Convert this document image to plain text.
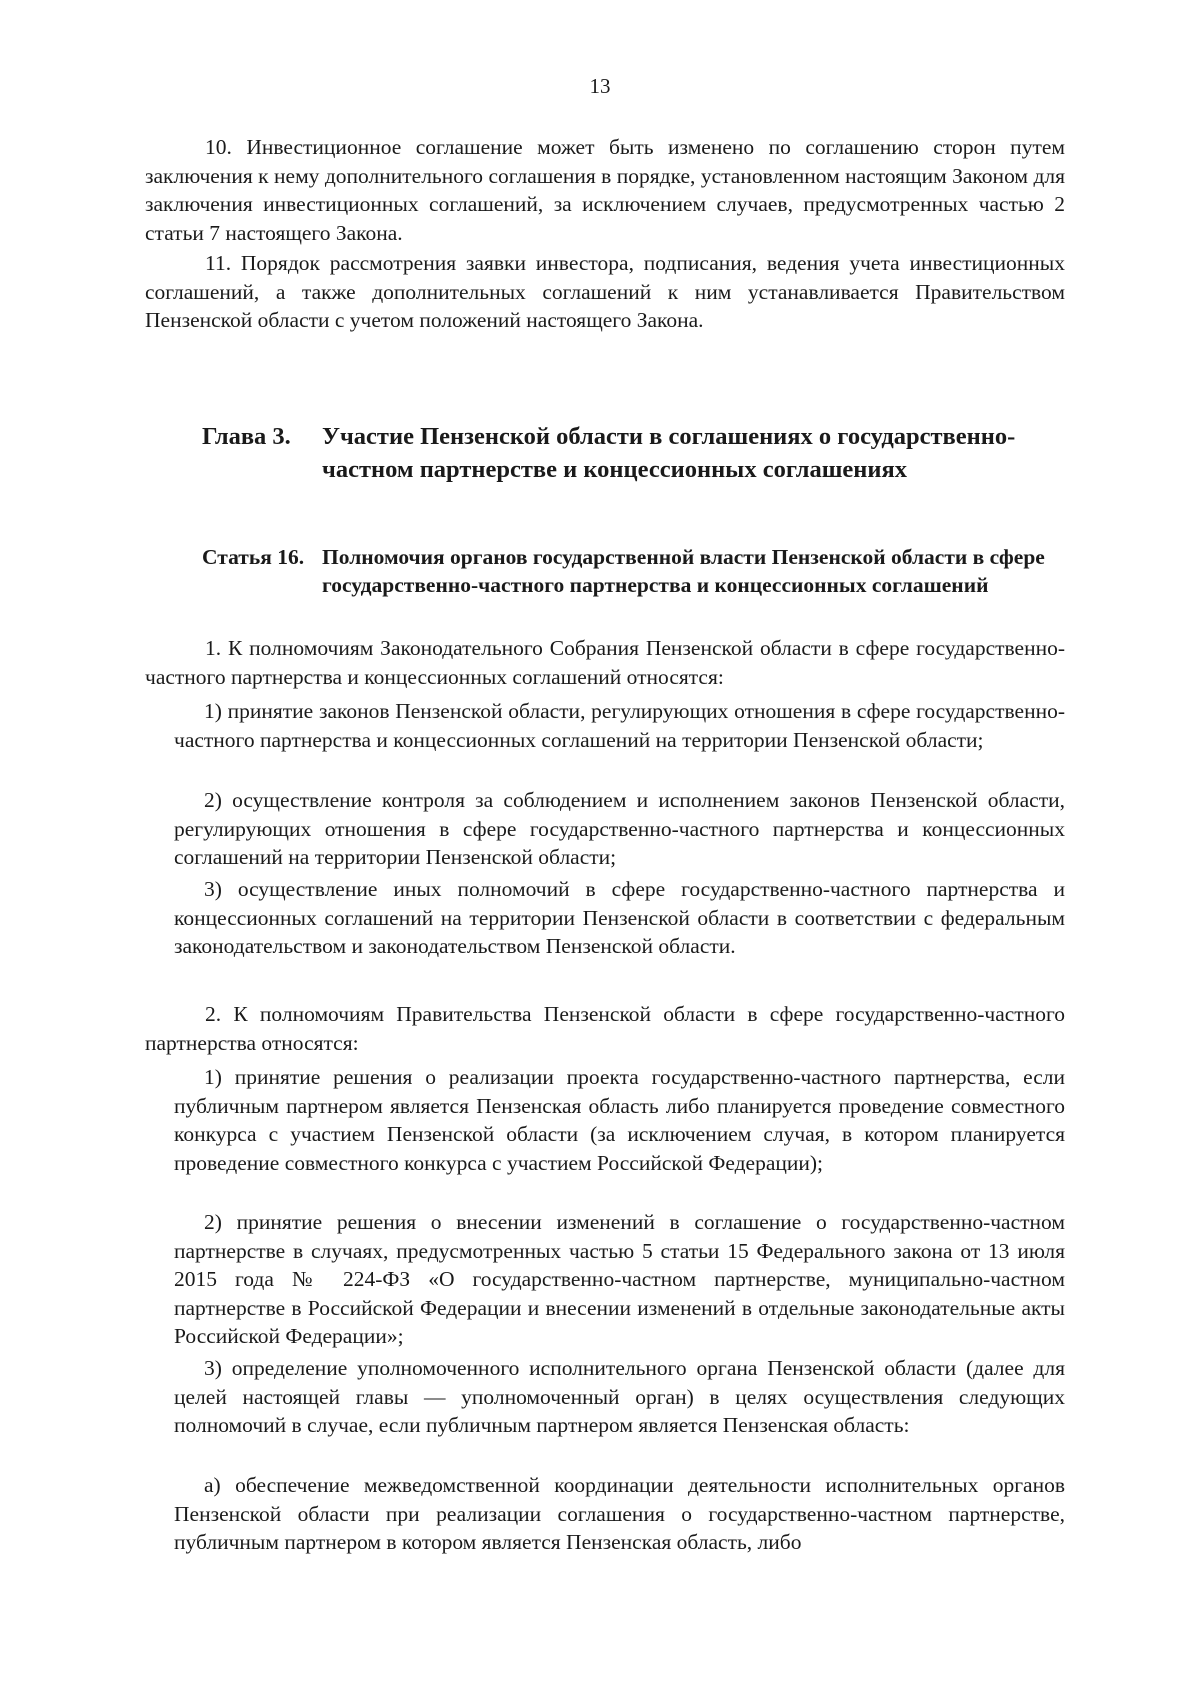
13
10. Инвестиционное соглашение может быть изменено по соглашению сторон путем заключения к нему дополнительного соглашения в порядке, установленном настоящим Законом для заключения инвестиционных соглашений, за исключением случаев, предусмотренных частью 2 статьи 7 настоящего Закона.
11. Порядок рассмотрения заявки инвестора, подписания, ведения учета инвестиционных соглашений, а также дополнительных соглашений к ним устанавливается Правительством Пензенской области с учетом положений настоящего Закона.
Глава 3. Участие Пензенской области в соглашениях о государственно-частном партнерстве и концессионных соглашениях
Статья 16. Полномочия органов государственной власти Пензенской области в сфере государственно-частного партнерства и концессионных соглашений
1. К полномочиям Законодательного Собрания Пензенской области в сфере государственно-частного партнерства и концессионных соглашений относятся:
1) принятие законов Пензенской области, регулирующих отношения в сфере государственно-частного партнерства и концессионных соглашений на территории Пензенской области;
2) осуществление контроля за соблюдением и исполнением законов Пензенской области, регулирующих отношения в сфере государственно-частного партнерства и концессионных соглашений на территории Пензенской области;
3) осуществление иных полномочий в сфере государственно-частного партнерства и концессионных соглашений на территории Пензенской области в соответствии с федеральным законодательством и законодательством Пензенской области.
2. К полномочиям Правительства Пензенской области в сфере государственно-частного партнерства относятся:
1) принятие решения о реализации проекта государственно-частного партнерства, если публичным партнером является Пензенская область либо планируется проведение совместного конкурса с участием Пензенской области (за исключением случая, в котором планируется проведение совместного конкурса с участием Российской Федерации);
2) принятие решения о внесении изменений в соглашение о государственно-частном партнерстве в случаях, предусмотренных частью 5 статьи 15 Федерального закона от 13 июля 2015 года № 224-ФЗ «О государственно-частном партнерстве, муниципально-частном партнерстве в Российской Федерации и внесении изменений в отдельные законодательные акты Российской Федерации»;
3) определение уполномоченного исполнительного органа Пензенской области (далее для целей настоящей главы — уполномоченный орган) в целях осуществления следующих полномочий в случае, если публичным партнером является Пензенская область:
а) обеспечение межведомственной координации деятельности исполнительных органов Пензенской области при реализации соглашения о государственно-частном партнерстве, публичным партнером в котором является Пензенская область, либо
